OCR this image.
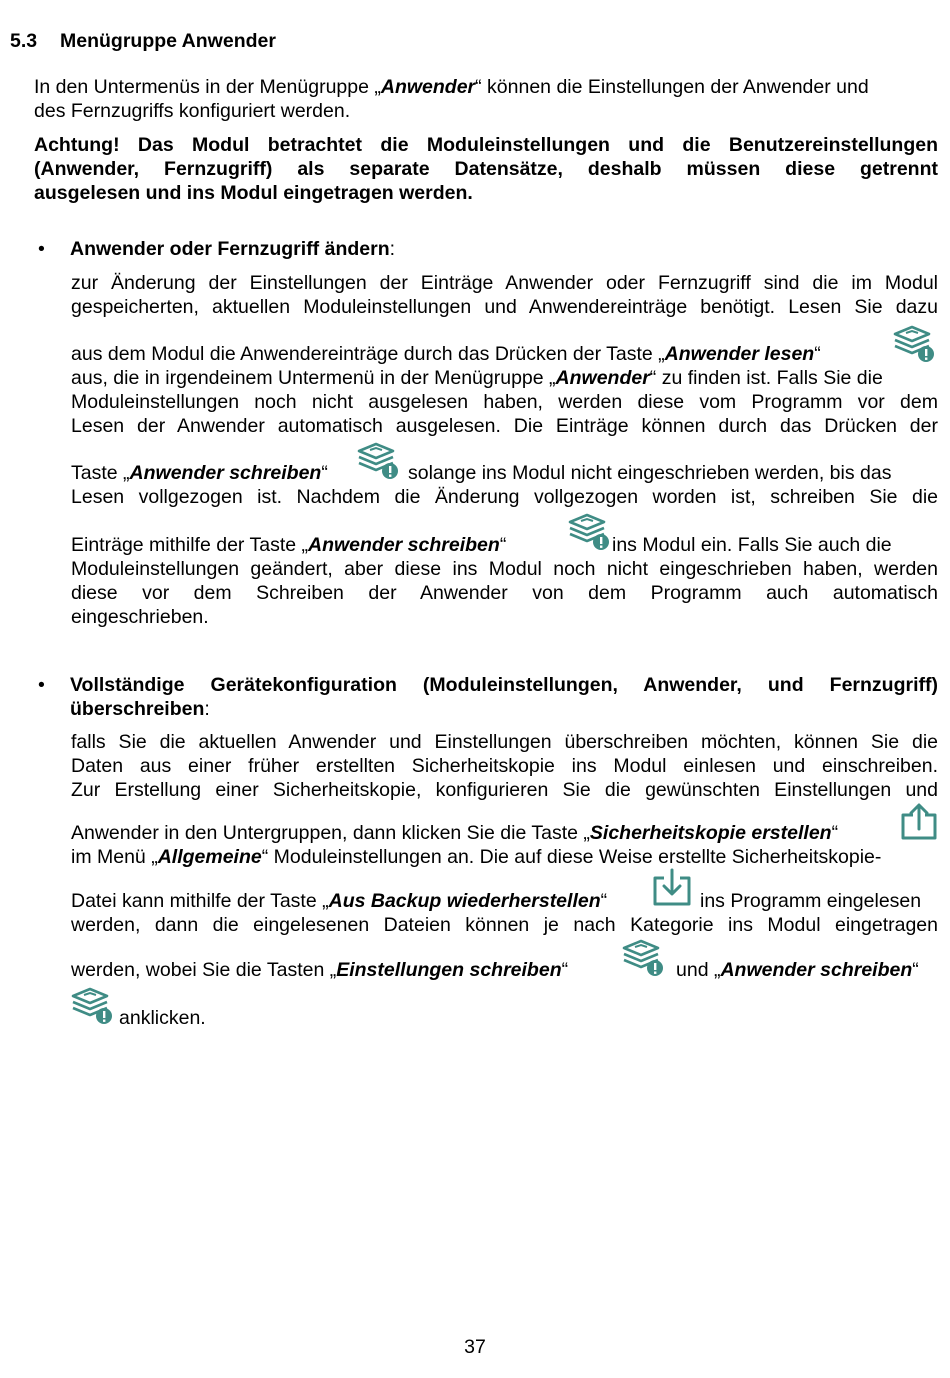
5.3 Menügruppe Anwender
In den Untermenüs in der Menügruppe „Anwender“ können die Einstellungen der Anwender und
des Fernzugriffs konfiguriert werden.
Achtung! Das Modul betrachtet die Moduleinstellungen und die Benutzereinstellungen
(Anwender, Fernzugriff) als separate Datensätze, deshalb müssen diese getrennt
ausgelesen und ins Modul eingetragen werden.
• Anwender oder Fernzugriff ändern:
zur Änderung der Einstellungen der Einträge Anwender oder Fernzugriff sind die im Modul
gespeicherten, aktuellen Moduleinstellungen und Anwendereinträge benötigt. Lesen Sie dazu
aus dem Modul die Anwendereinträge durch das Drücken der Taste „Anwender lesen“
aus, die in irgendeinem Untermenü in der Menügruppe „Anwender“ zu finden ist. Falls Sie die
Moduleinstellungen noch nicht ausgelesen haben, werden diese vom Programm vor dem
Lesen der Anwender automatisch ausgelesen. Die Einträge können durch das Drücken der
Taste „Anwender schreiben“	solange ins Modul nicht eingeschrieben werden, bis das
Lesen vollgezogen ist. Nachdem die Änderung vollgezogen worden ist, schreiben Sie die
Einträge mithilfe der Taste „Anwender schreiben“	ins Modul ein. Falls Sie auch die
Moduleinstellungen geändert, aber diese ins Modul noch nicht eingeschrieben haben, werden
diese vor dem Schreiben der Anwender von dem Programm auch automatisch
eingeschrieben.
• Vollständige Gerätekonfiguration (Moduleinstellungen, Anwender, und Fernzugriff)
überschreiben:
falls Sie die aktuellen Anwender und Einstellungen überschreiben möchten, können Sie die
Daten aus einer früher erstellten Sicherheitskopie ins Modul einlesen und einschreiben.
Zur Erstellung einer Sicherheitskopie, konfigurieren Sie die gewünschten Einstellungen und
Anwender in den Untergruppen, dann klicken Sie die Taste „Sicherheitskopie erstellen“
im Menü „Allgemeine“ Moduleinstellungen an. Die auf diese Weise erstellte Sicherheitskopie-
Datei kann mithilfe der Taste „Aus Backup wiederherstellen“	ins Programm eingelesen
werden, dann die eingelesenen Dateien können je nach Kategorie ins Modul eingetragen
werden, wobei Sie die Tasten „Einstellungen schreiben“	und „Anwender schreiben“
anklicken.
37
